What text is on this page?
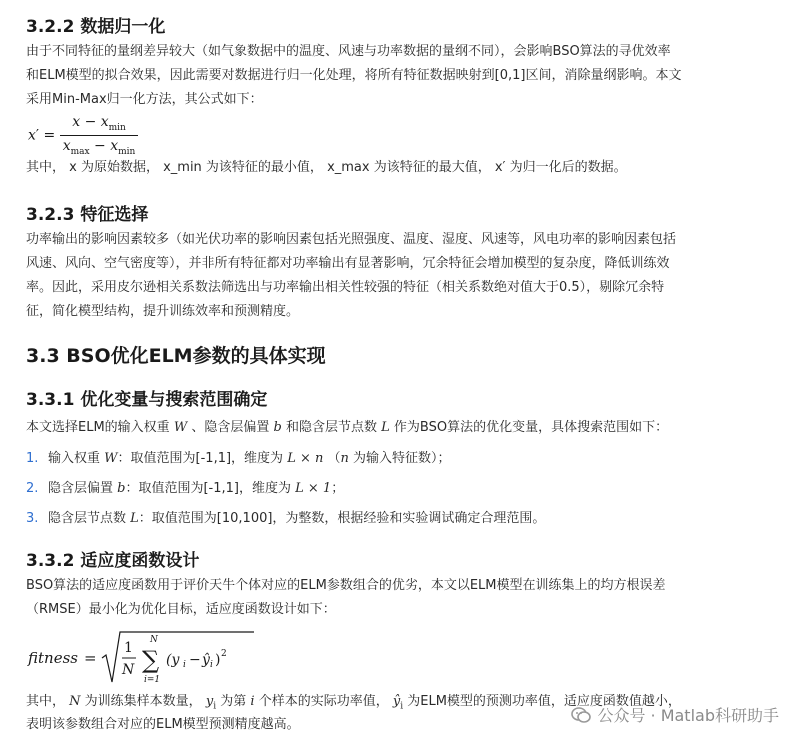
3.2.2 数据归一化

由于不同特征的量纲差异较大（如气象数据中的温度、风速与功率数据的量纲不同），会影响BSO算法的寻优效率

和ELM模型的拟合效果，因此需要对数据进行归一化处理，将所有特征数据映射到[0,1]区间，消除量纲影响。本文

采用Min-Max归一化方法，其公式如下：

$x' = \frac{x - x_{min}}{x_{max} - x_{min}}$

其中， x 为原始数据， x_min 为该特征的最小值， x_max 为该特征的最大值， x′ 为归一化后的数据。

3.2.3 特征选择

功率输出的影响因素较多（如光伏功率的影响因素包括光照强度、温度、湿度、风速等，风电功率的影响因素包括

风速、风向、空气密度等），并非所有特征都对功率输出有显著影响，冗余特征会增加模型的复杂度，降低训练效

率。因此，采用皮尔逊相关系数法筛选出与功率输出相关性较强的特征（相关系数绝对值大于0.5），剔除冗余特

征，简化模型结构，提升训练效率和预测精度。

3.3 BSO优化ELM参数的具体实现
3.3.1 优化变量与搜索范围确定
本文选择ELM的输入权重 W 、隐含层偏置 b 和隐含层节点数 L 作为BSO算法的优化变量，具体搜索范围如下：
1. 输入权重 W：取值范围为[-1,1]，维度为 L × n （n 为输入特征数）；
2. 隐含层偏置 b：取值范围为[-1,1]，维度为 L × 1；
3. 隐含层节点数 L：取值范围为[10,100]，为整数，根据经验和实验调试确定合理范围。
3.3.2 适应度函数设计

BSO算法的适应度函数用于评价天牛个体对应的ELM参数组合的优劣，本文以ELM模型在训练集上的均方根误差

（RMSE）最小化为优化目标，适应度函数设计如下：

fitness =
1
N
N
∑
i=1
(y i − ŷ i ) 2
其中， N 为训练集样本数量， $y_i$ 为第 i 个样本的实际功率值， $ŷ_i$ 为ELM模型的预测功率值，适应度函数值越小，
表明该参数组合对应的ELM模型预测精度越高。	公众号 · Matlab科研助手
